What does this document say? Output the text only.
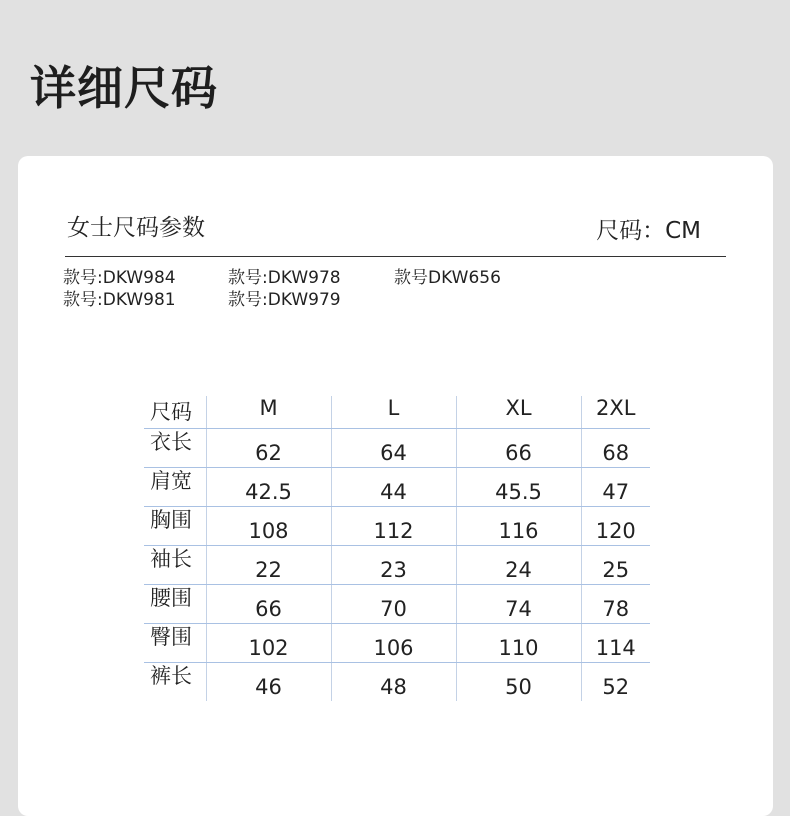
详细尺码
女士尺码参数	尺码：CM
款号:DKW984	款号:DKW978	款号DKW656
款号:DKW981	款号:DKW979
尺码	M	L	XL	2XL
衣长	62	64	66	68
肩宽	42.5	44	45.5	47
胸围	108	112	116	120
袖长	22	23	24	25
腰围	66	70	74	78
臀围	102	106	110	114
裤长	46	48	50	52
